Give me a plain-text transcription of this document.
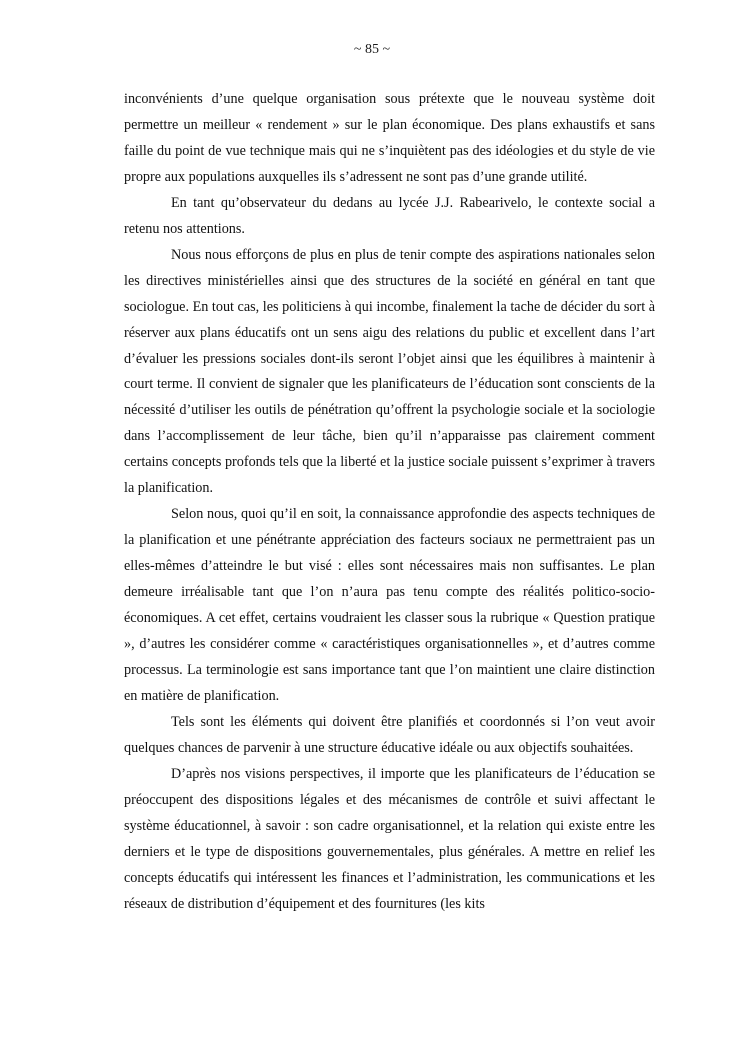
~ 85 ~

inconvénients d’une quelque organisation sous prétexte que le nouveau système doit permettre un meilleur « rendement » sur le plan économique. Des plans exhaustifs et sans faille du point de vue technique mais qui ne s’inquiètent pas des idéologies et du style de vie propre aux populations auxquelles ils s’adressent ne sont pas d’une grande utilité.

En tant qu’observateur du dedans au lycée J.J. Rabearivelo, le contexte social a retenu nos attentions.

Nous nous efforçons de plus en plus de tenir compte des aspirations nationales selon les directives ministérielles ainsi que des structures de la société en général en tant que sociologue. En tout cas, les politiciens à qui incombe, finalement la tache de décider du sort à réserver aux plans éducatifs ont un sens aigu des relations du public et excellent dans l’art d’évaluer les pressions sociales dont-ils seront l’objet ainsi que les équilibres à maintenir à court terme. Il convient de signaler que les planificateurs de l’éducation sont conscients de la nécessité d’utiliser les outils de pénétration qu’offrent la psychologie sociale et la sociologie dans l’accomplissement de leur tâche, bien qu’il n’apparaisse pas clairement comment certains concepts profonds tels que la liberté et la justice sociale puissent s’exprimer à travers la planification.

Selon nous, quoi qu’il en soit, la connaissance approfondie des aspects techniques de la planification et une pénétrante appréciation des facteurs sociaux ne permettraient pas un elles-mêmes d’atteindre le but visé : elles sont nécessaires mais non suffisantes. Le plan demeure irréalisable tant que l’on n’aura pas tenu compte des réalités politico-socio-économiques. A cet effet, certains voudraient les classer sous la rubrique « Question pratique », d’autres les considérer comme « caractéristiques organisationnelles », et d’autres comme processus. La terminologie est sans importance tant que l’on maintient une claire distinction en matière de planification.

Tels sont les éléments qui doivent être planifiés et coordonnés si l’on veut avoir quelques chances de parvenir à une structure éducative idéale ou aux objectifs souhaitées.

D’après nos visions perspectives, il importe que les planificateurs de l’éducation se préoccupent des dispositions légales et des mécanismes de contrôle et suivi affectant le système éducationnel, à savoir : son cadre organisationnel, et la relation qui existe entre les derniers et le type de dispositions gouvernementales, plus générales. A mettre en relief les concepts éducatifs qui intéressent les finances et l’administration, les communications et les réseaux de distribution d’équipement et des fournitures (les kits
